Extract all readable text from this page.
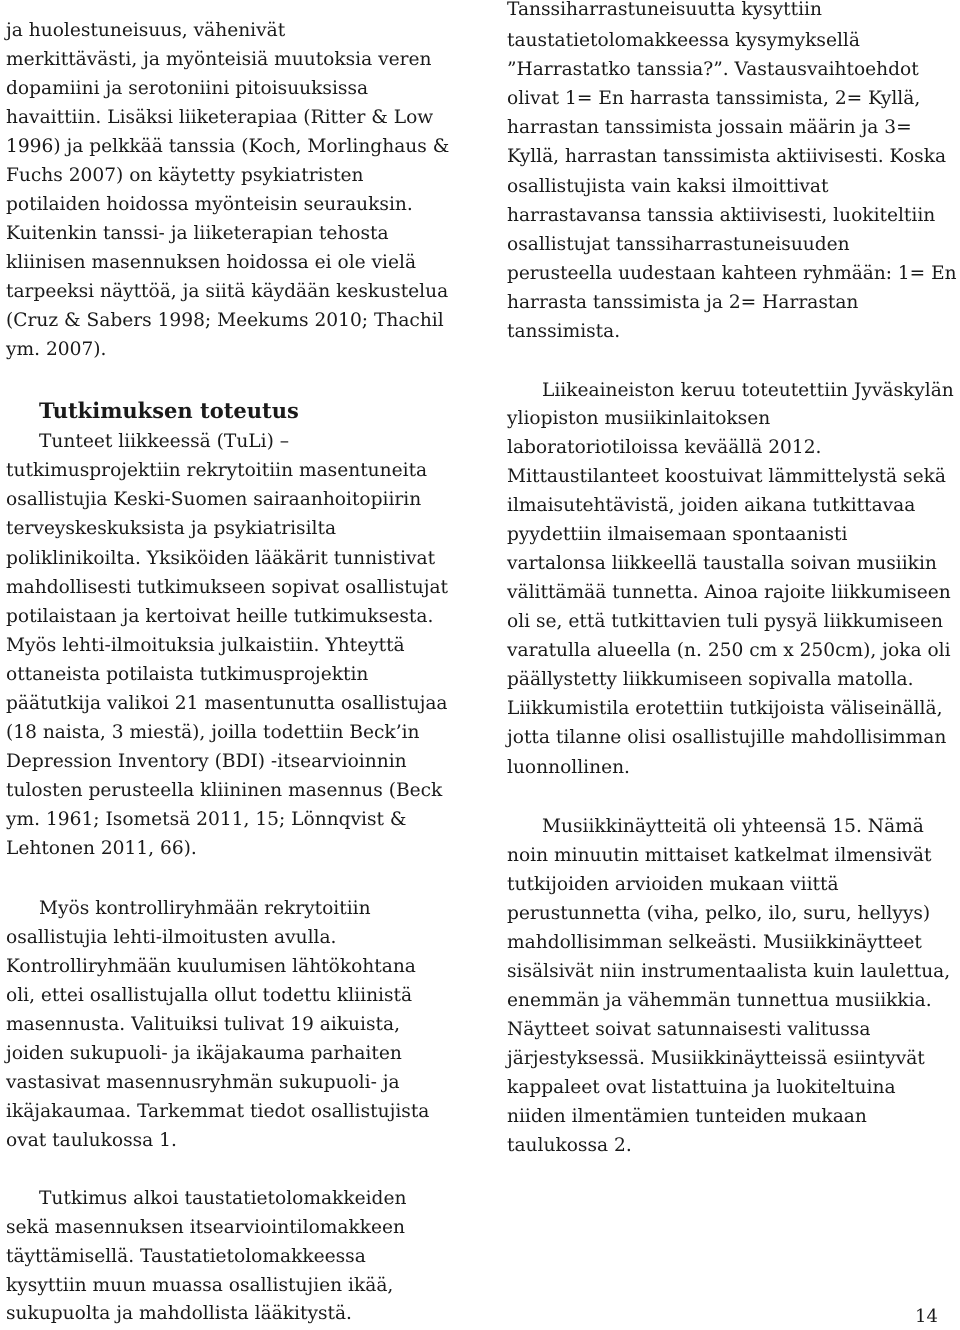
ja huolestuneisuus, vähenivät
merkittävästi, ja myönteisiä muutoksia veren
dopamiini ja serotoniini pitoisuuksissa
havaittiin. Lisäksi liiketerapiaa (Ritter & Low
1996) ja pelkkää tanssia (Koch, Morlinghaus &
Fuchs 2007) on käytetty psykiatristen
potilaiden hoidossa myönteisin seurauksin.
Kuitenkin tanssi- ja liiketerapian tehosta
kliinisen masennuksen hoidossa ei ole vielä
tarpeeksi näyttöä, ja siitä käydään keskustelua
(Cruz & Sabers 1998; Meekums 2010; Thachil
ym. 2007).
Tutkimuksen toteutus
Tunteet liikkeessä (TuLi) –
tutkimusprojektiin rekrytoitiin masentuneita
osallistujia Keski-Suomen sairaanhoitopiirin
terveyskeskuksista ja psykiatrisilta
poliklinikoilta. Yksiköiden lääkärit tunnistivat
mahdollisesti tutkimukseen sopivat osallistujat
potilaistaan ja kertoivat heille tutkimuksesta.
Myös lehti-ilmoituksia julkaistiin. Yhteyttä
ottaneista potilaista tutkimusprojektin
päätutkija valikoi 21 masentunutta osallistujaa
(18 naista, 3 miestä), joilla todettiin Beck’in
Depression Inventory (BDI) -itsearvioinnin
tulosten perusteella kliininen masennus (Beck
ym. 1961; Isometsä 2011, 15; Lönnqvist &
Lehtonen 2011, 66).
Myös kontrolliryhmään rekrytoitiin
osallistujia lehti-ilmoitusten avulla.
Kontrolliryhmään kuulumisen lähtökohtana
oli, ettei osallistujalla ollut todettu kliinistä
masennusta. Valituiksi tulivat 19 aikuista,
joiden sukupuoli- ja ikäjakauma parhaiten
vastasivat masennusryhmän sukupuoli- ja
ikäjakaumaa. Tarkemmat tiedot osallistujista
ovat taulukossa 1.
Tutkimus alkoi taustatietolomakkeiden
sekä masennuksen itsearviointilomakkeen
täyttämisellä. Taustatietolomakkeessa
kysyttiin muun muassa osallistujien ikää,
sukupuolta ja mahdollista lääkitystä.
Tanssiharrastuneisuutta kysyttiin
taustatietolomakkeessa kysymyksellä
”Harrastatko tanssia?”. Vastausvaihtoehdot
olivat 1= En harrasta tanssimista, 2= Kyllä,
harrastan tanssimista jossain määrin ja 3=
Kyllä, harrastan tanssimista aktiivisesti. Koska
osallistujista vain kaksi ilmoittivat
harrastavansa tanssia aktiivisesti, luokiteltiin
osallistujat tanssiharrastuneisuuden
perusteella uudestaan kahteen ryhmään: 1= En
harrasta tanssimista ja 2= Harrastan
tanssimista.
Liikeaineiston keruu toteutettiin Jyväskylän
yliopiston musiikinlaitoksen
laboratoriotiloissa keväällä 2012.
Mittaustilanteet koostuivat lämmittelystä sekä
ilmaisutehtävistä, joiden aikana tutkittavaa
pyydettiin ilmaisemaan spontaanisti
vartalonsa liikkeellä taustalla soivan musiikin
välittämää tunnetta. Ainoa rajoite liikkumiseen
oli se, että tutkittavien tuli pysyä liikkumiseen
varatulla alueella (n. 250 cm x 250cm), joka oli
päällystetty liikkumiseen sopivalla matolla.
Liikkumistila erotettiin tutkijoista väliseinällä,
jotta tilanne olisi osallistujille mahdollisimman
luonnollinen.
Musiikkinäytteitä oli yhteensä 15. Nämä
noin minuutin mittaiset katkelmat ilmensivät
tutkijoiden arvioiden mukaan viittä
perustunnetta (viha, pelko, ilo, suru, hellyys)
mahdollisimman selkeästi. Musiikkinäytteet
sisälsivät niin instrumentaalista kuin laulettua,
enemmän ja vähemmän tunnettua musiikkia.
Näytteet soivat satunnaisesti valitussa
järjestyksessä. Musiikkinäytteissä esiintyvät
kappaleet ovat listattuina ja luokiteltuina
niiden ilmentämien tunteiden mukaan
taulukossa 2.
14
